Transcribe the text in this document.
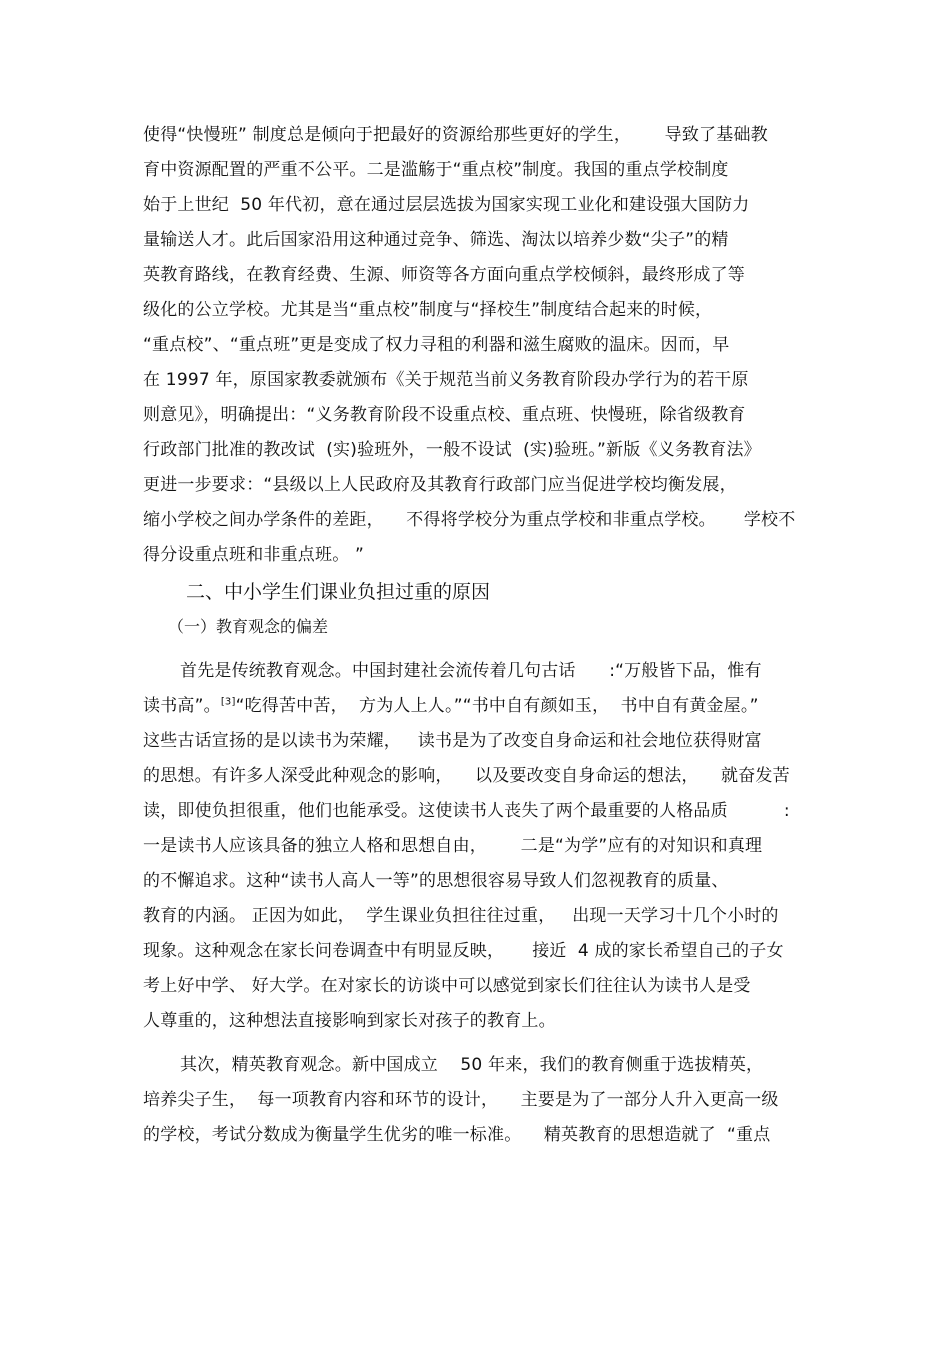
使得“快慢班” 制度总是倾向于把最好的资源给那些更好的学生，      导致了基础教
育中资源配置的严重不公平。二是滥觞于“重点校”制度。我国的重点学校制度
始于上世纪  50 年代初，意在通过层层选拔为国家实现工业化和建设强大国防力
量输送人才。此后国家沿用这种通过竞争、筛选、淘汰以培养少数“尖子”的精
英教育路线，在教育经费、生源、师资等各方面向重点学校倾斜，最终形成了等
级化的公立学校。尤其是当“重点校”制度与“择校生”制度结合起来的时候，
“重点校”、“重点班”更是变成了权力寻租的利器和滋生腐败的温床。因而，早
在 1997 年，原国家教委就颁布《关于规范当前义务教育阶段办学行为的若干原
则意见》，明确提出：“义务教育阶段不设重点校、重点班、快慢班，除省级教育
行政部门批准的教改试  (实)验班外，一般不设试  (实)验班。”新版《义务教育法》
更进一步要求：“县级以上人民政府及其教育行政部门应当促进学校均衡发展，
缩小学校之间办学条件的差距，    不得将学校分为重点学校和非重点学校。     学校不
得分设重点班和非重点班。 ”
二、中小学生们课业负担过重的原因
（一）教育观念的偏差
首先是传统教育观念。中国封建社会流传着几句古话      :“万般皆下品，惟有
读书高”。[3]“吃得苦中苦，  方为人上人。”“书中自有颜如玉，  书中自有黄金屋。”
这些古话宣扬的是以读书为荣耀，   读书是为了改变自身命运和社会地位获得财富
的思想。有许多人深受此种观念的影响，    以及要改变自身命运的想法，    就奋发苦
读，即使负担很重，他们也能承受。这使读书人丧失了两个最重要的人格品质          :
一是读书人应该具备的独立人格和思想自由，      二是“为学”应有的对知识和真理
的不懈追求。这种“读书人高人一等”的思想很容易导致人们忽视教育的质量、
教育的内涵。 正因为如此，  学生课业负担往往过重，   出现一天学习十几个小时的
现象。这种观念在家长问卷调查中有明显反映，     接近  4 成的家长希望自己的子女
考上好中学、 好大学。在对家长的访谈中可以感觉到家长们往往认为读书人是受
人尊重的，这种想法直接影响到家长对孩子的教育上。
其次，精英教育观念。新中国成立    50 年来，我们的教育侧重于选拔精英，
培养尖子生，  每一项教育内容和环节的设计，    主要是为了一部分人升入更高一级
的学校，考试分数成为衡量学生优劣的唯一标准。    精英教育的思想造就了  “重点
